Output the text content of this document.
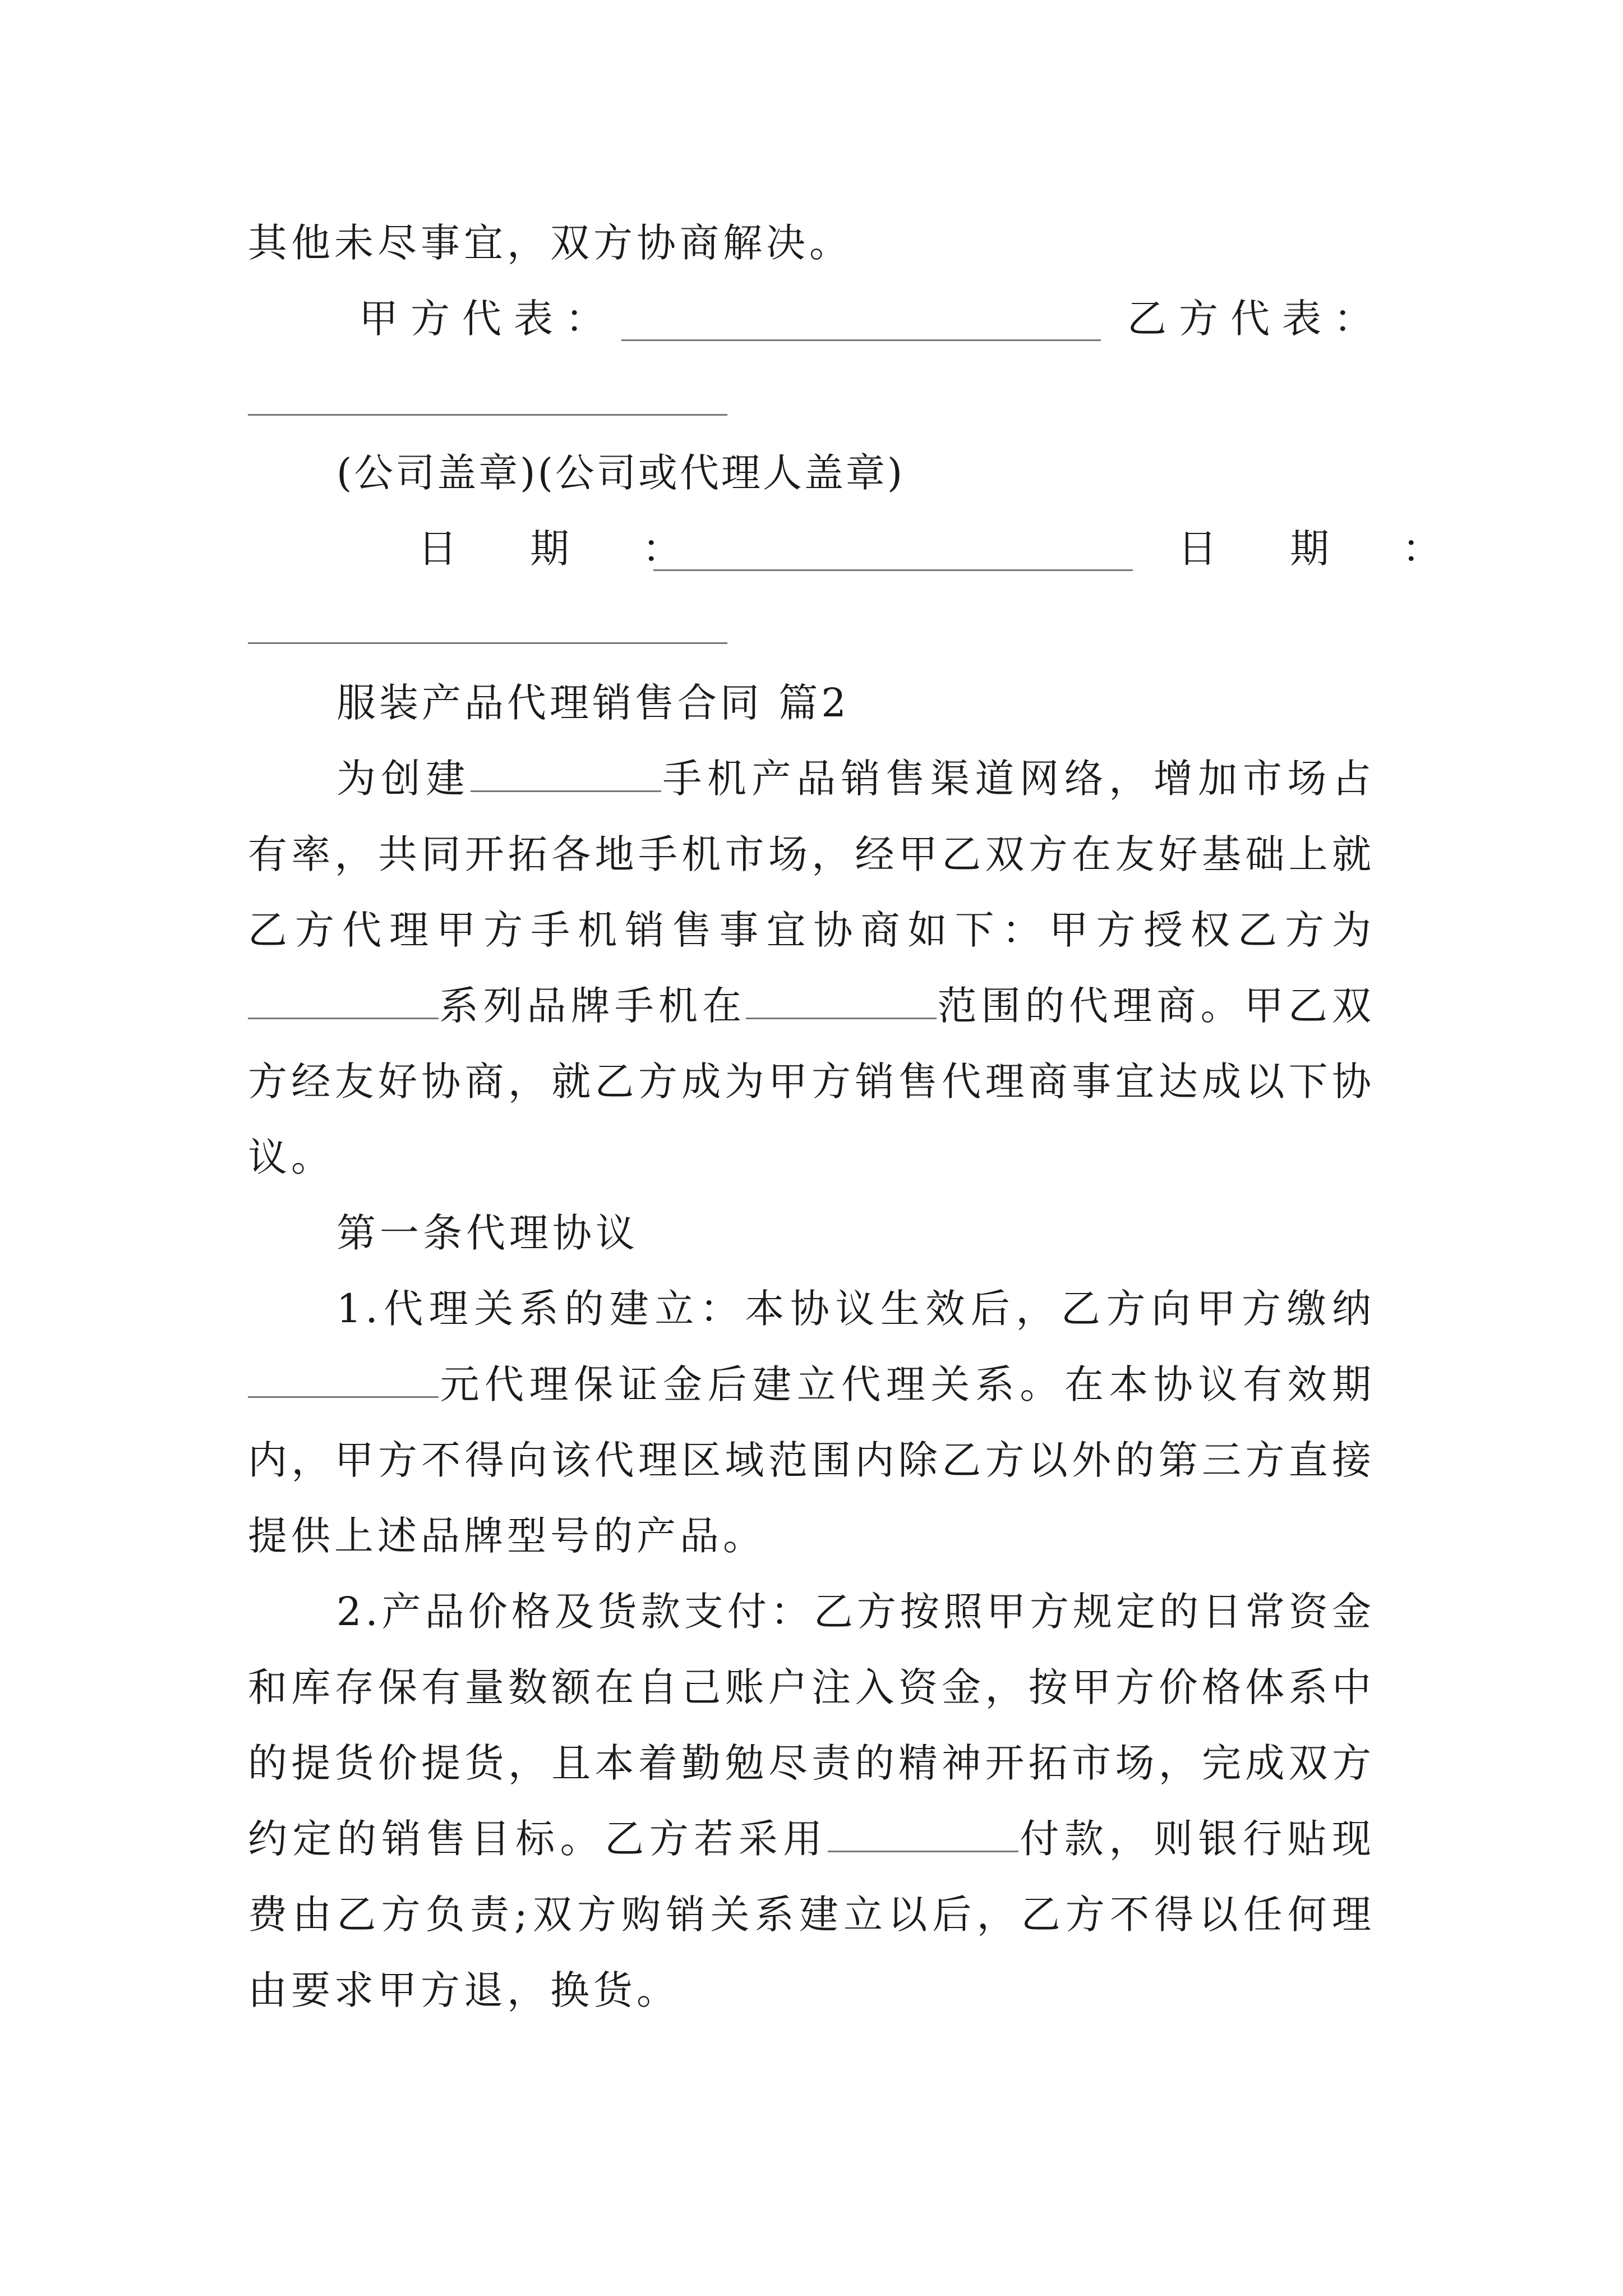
其他未尽事宜，双方协商解决。
甲方代表：	乙方代表：
(公司盖章)(公司或代理人盖章)
日　期　：	日　期　：
服装产品代理销售合同 篇2
为创建	手机产品销售渠道网络，增加市场占
有率，共同开拓各地手机市场，经甲乙双方在友好基础上就
乙方代理甲方手机销售事宜协商如下：甲方授权乙方为
系列品牌手机在	范围的代理商。甲乙双
方经友好协商，就乙方成为甲方销售代理商事宜达成以下协
议。
第一条代理协议
1.代理关系的建立：本协议生效后，乙方向甲方缴纳
元代理保证金后建立代理关系。在本协议有效期
内，甲方不得向该代理区域范围内除乙方以外的第三方直接
提供上述品牌型号的产品。
2.产品价格及货款支付：乙方按照甲方规定的日常资金
和库存保有量数额在自己账户注入资金，按甲方价格体系中
的提货价提货，且本着勤勉尽责的精神开拓市场，完成双方
约定的销售目标。乙方若采用	付款，则银行贴现
费由乙方负责;双方购销关系建立以后，乙方不得以任何理
由要求甲方退，换货。
